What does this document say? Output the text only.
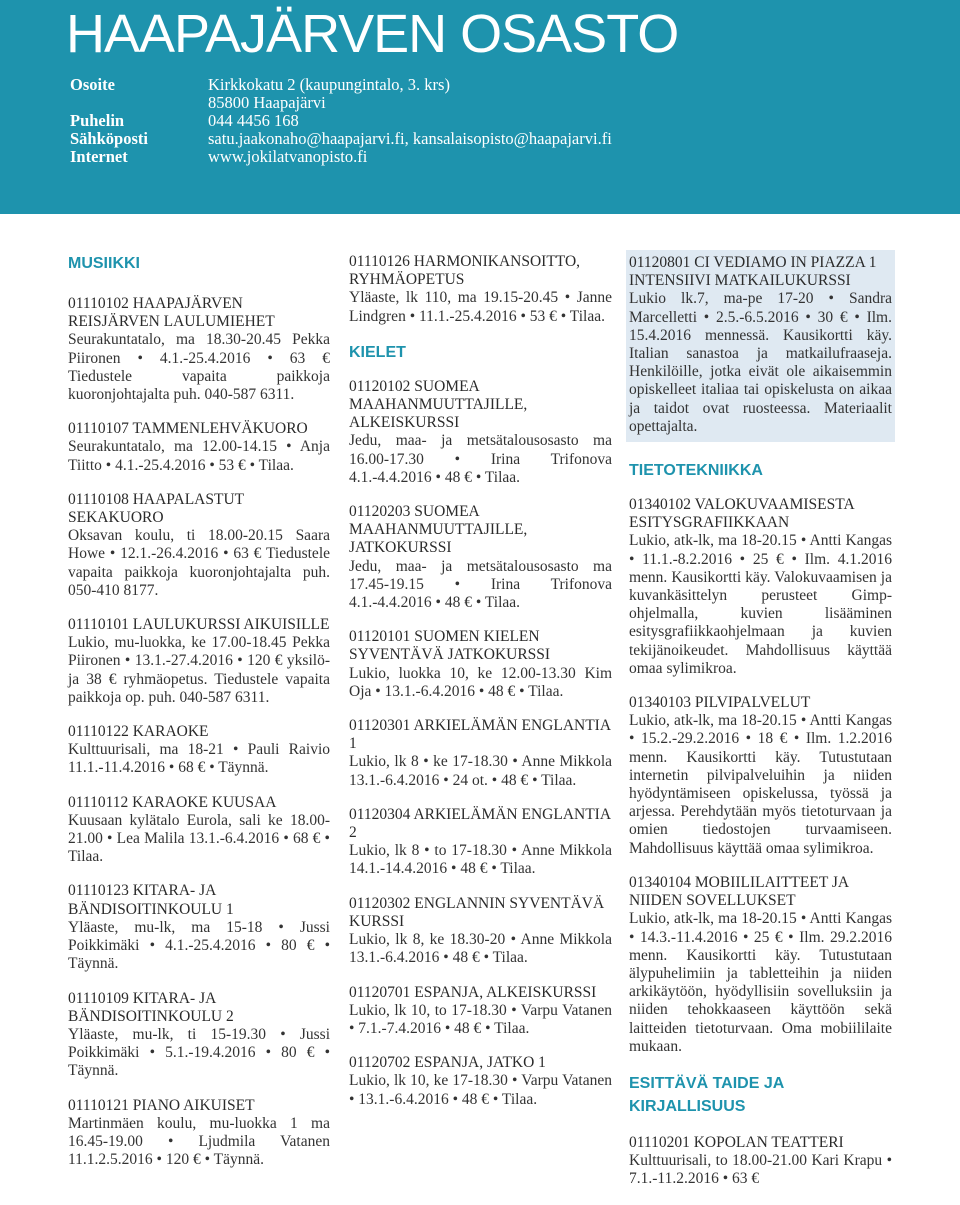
HAAPAJÄRVEN OSASTO
Osoite	Kirkkokatu 2 (kaupungintalo, 3. krs)
85800 Haapajärvi
Puhelin	044 4456 168
Sähköposti	satu.jaakonaho@haapajarvi.fi, kansalaisopisto@haapajarvi.fi
Internet	www.jokilatvanopisto.fi
MUSIIKKI
01110102 HAAPAJÄRVEN REISJÄRVEN LAULUMIEHET
Seurakuntatalo, ma 18.30-20.45 Pekka Piironen • 4.1.-25.4.2016 • 63 € Tiedustele vapaita paikkoja kuoronjohtajalta puh. 040-587 6311.
01110107 TAMMENLEHVÄKUORO
Seurakuntatalo, ma 12.00-14.15 • Anja Tiitto • 4.1.-25.4.2016 • 53 € • Tilaa.
01110108 HAAPALASTUT SEKAKUORO
Oksavan koulu, ti 18.00-20.15 Saara Howe • 12.1.-26.4.2016 • 63 € Tiedustele vapaita paikkoja kuoronjohtajalta puh. 050-410 8177.
01110101 LAULUKURSSI AIKUISILLE
Lukio, mu-luokka, ke 17.00-18.45 Pekka Piironen • 13.1.-27.4.2016 • 120 € yksilö- ja 38 € ryhmäopetus. Tiedustele vapaita paikkoja op. puh. 040-587 6311.
01110122 KARAOKE
Kulttuurisali, ma 18-21 • Pauli Raivio 11.1.-11.4.2016 • 68 € • Täynnä.
01110112 KARAOKE KUUSAA
Kuusaan kylätalo Eurola, sali ke 18.00-21.00 • Lea Malila 13.1.-6.4.2016 • 68 € • Tilaa.
01110123 KITARA- JA BÄNDISOITINKOULU 1
Yläaste, mu-lk, ma 15-18 • Jussi Poikkimäki • 4.1.-25.4.2016 • 80 € • Täynnä.
01110109 KITARA- JA BÄNDISOITINKOULU 2
Yläaste, mu-lk, ti 15-19.30 • Jussi Poikkimäki • 5.1.-19.4.2016 • 80 € • Täynnä.
01110121 PIANO AIKUISET
Martinmäen koulu, mu-luokka 1 ma 16.45-19.00 • Ljudmila Vatanen 11.1.2.5.2016 • 120 € • Täynnä.
01110126 HARMONIKANSOITTO, RYHMÄOPETUS
Yläaste, lk 110, ma 19.15-20.45 • Janne Lindgren • 11.1.-25.4.2016 • 53 € • Tilaa.
KIELET
01120102 SUOMEA MAAHANMUUTTAJILLE, ALKEISKURSSI
Jedu, maa- ja metsätalousosasto ma 16.00-17.30 • Irina Trifonova 4.1.-4.4.2016 • 48 € • Tilaa.
01120203 SUOMEA MAAHANMUUTTAJILLE, JATKOKURSSI
Jedu, maa- ja metsätalousosasto ma 17.45-19.15 • Irina Trifonova 4.1.-4.4.2016 • 48 € • Tilaa.
01120101 SUOMEN KIELEN SYVENTÄVÄ JATKOKURSSI
Lukio, luokka 10, ke 12.00-13.30 Kim Oja • 13.1.-6.4.2016 • 48 € • Tilaa.
01120301 ARKIELÄMÄN ENGLANTIA 1
Lukio, lk 8 • ke 17-18.30 • Anne Mikkola 13.1.-6.4.2016 • 24 ot. • 48 € • Tilaa.
01120304 ARKIELÄMÄN ENGLANTIA 2
Lukio, lk 8 • to 17-18.30 • Anne Mikkola 14.1.-14.4.2016 • 48 € • Tilaa.
01120302 ENGLANNIN SYVENTÄVÄ KURSSI
Lukio, lk 8, ke 18.30-20 • Anne Mikkola 13.1.-6.4.2016 • 48 € • Tilaa.
01120701 ESPANJA, ALKEISKURSSI
Lukio, lk 10, to 17-18.30 • Varpu Vatanen • 7.1.-7.4.2016 • 48 € • Tilaa.
01120702 ESPANJA, JATKO 1
Lukio, lk 10, ke 17-18.30 • Varpu Vatanen • 13.1.-6.4.2016 • 48 € • Tilaa.
01120801 CI VEDIAMO IN PIAZZA 1 INTENSIIVI MATKAILUKURSSI
Lukio lk.7, ma-pe 17-20 • Sandra Marcelletti • 2.5.-6.5.2016 • 30 € • Ilm. 15.4.2016 mennessä. Kausikortti käy. Italian sanastoa ja matkailufraaseja. Henkilöille, jotka eivät ole aikaisemmin opiskelleet italiaa tai opiskelusta on aikaa ja taidot ovat ruosteessa. Materiaalit opettajalta.
TIETOTEKNIIKKA
01340102 VALOKUVAAMISESTA ESITYSGRAFIIKKAAN
Lukio, atk-lk, ma 18-20.15 • Antti Kangas • 11.1.-8.2.2016 • 25 € • Ilm. 4.1.2016 menn. Kausikortti käy. Valokuvaamisen ja kuvankäsittelyn perusteet Gimp-ohjelmalla, kuvien lisääminen esitysgrafiikkaohjelmaan ja kuvien tekijänoikeudet. Mahdollisuus käyttää omaa sylimikroa.
01340103 PILVIPALVELUT
Lukio, atk-lk, ma 18-20.15 • Antti Kangas • 15.2.-29.2.2016 • 18 € • Ilm. 1.2.2016 menn. Kausikortti käy. Tutustutaan internetin pilvipalveluihin ja niiden hyödyntämiseen opiskelussa, työssä ja arjessa. Perehdytään myös tietoturvaan ja omien tiedostojen turvaamiseen. Mahdollisuus käyttää omaa sylimikroa.
01340104 MOBIILILAITTEET JA NIIDEN SOVELLUKSET
Lukio, atk-lk, ma 18-20.15 • Antti Kangas • 14.3.-11.4.2016 • 25 € • Ilm. 29.2.2016 menn. Kausikortti käy. Tutustutaan älypuhelimiin ja tabletteihin ja niiden arkikäytöön, hyödyllisiin sovelluksiin ja niiden tehokkaaseen käyttöön sekä laitteiden tietoturvaan. Oma mobiililaite mukaan.
ESITTÄVÄ TAIDE JA KIRJALLISUUS
01110201 KOPOLAN TEATTERI
Kulttuurisali, to 18.00-21.00 Kari Krapu • 7.1.-11.2.2016 • 63 €
